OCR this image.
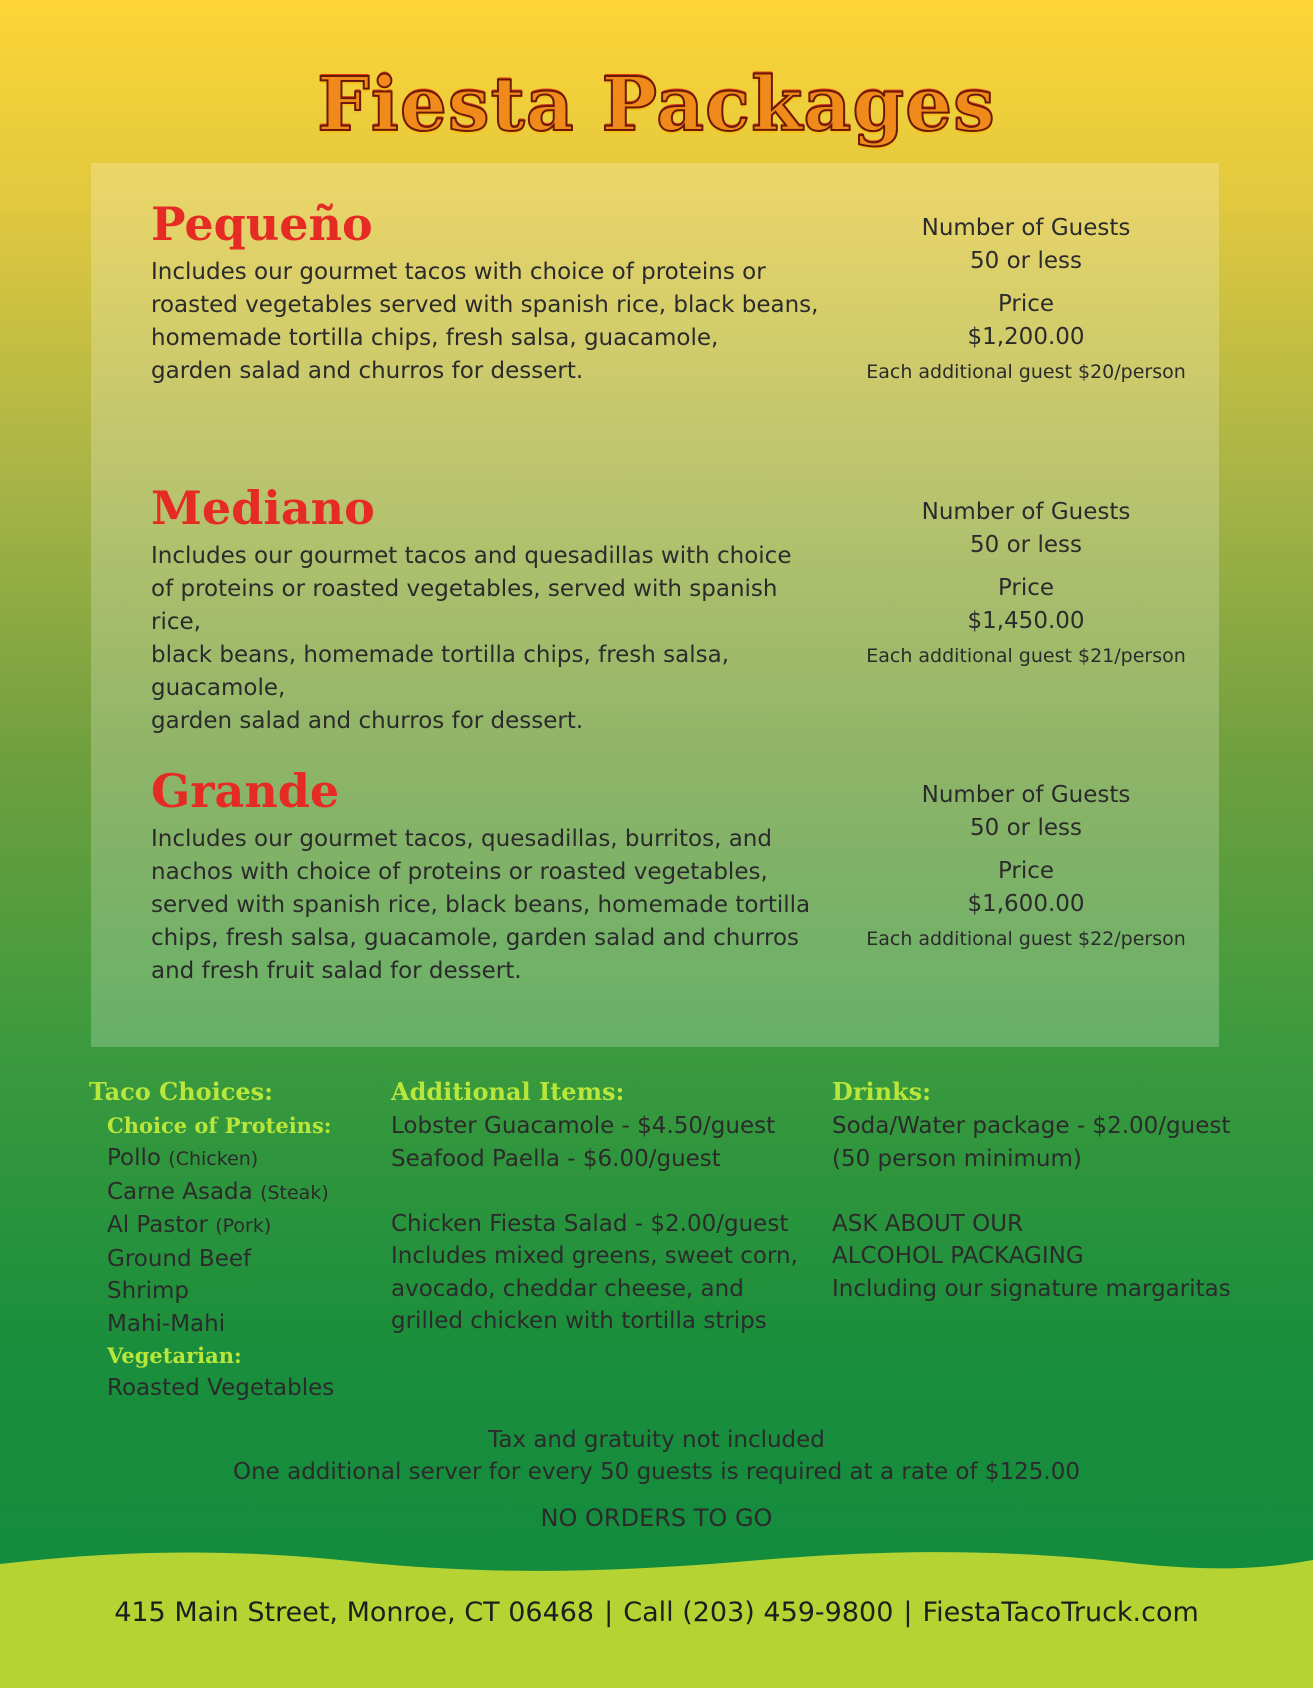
Fiesta Packages
Pequeño
Includes our gourmet tacos with choice of proteins or
roasted vegetables served with spanish rice, black beans,
homemade tortilla chips, fresh salsa, guacamole,
garden salad and churros for dessert.
Number of Guests
50 or less
Price
$1,200.00
Each additional guest $20/person
Mediano
Includes our gourmet tacos and quesadillas with choice
of proteins or roasted vegetables, served with spanish rice,
black beans, homemade tortilla chips, fresh salsa, guacamole,
garden salad and churros for dessert.
Number of Guests
50 or less
Price
$1,450.00
Each additional guest $21/person
Grande
Includes our gourmet tacos, quesadillas, burritos, and
nachos with choice of proteins or roasted vegetables,
served with spanish rice, black beans, homemade tortilla
chips, fresh salsa, guacamole, garden salad and churros
and fresh fruit salad for dessert.
Number of Guests
50 or less
Price
$1,600.00
Each additional guest $22/person
Taco Choices:
Choice of Proteins:
Pollo (Chicken)
Carne Asada (Steak)
Al Pastor (Pork)
Ground Beef
Shrimp
Mahi-Mahi
Vegetarian:
Roasted Vegetables
Additional Items:
Lobster Guacamole - $4.50/guest
Seafood Paella - $6.00/guest
Chicken Fiesta Salad - $2.00/guest
Includes mixed greens, sweet corn,
avocado, cheddar cheese, and
grilled chicken with tortilla strips
Drinks:
Soda/Water package - $2.00/guest
(50 person minimum)
ASK ABOUT OUR
ALCOHOL PACKAGING
Including our signature margaritas
Tax and gratuity not included
One additional server for every 50 guests is required at a rate of $125.00
NO ORDERS TO GO
415 Main Street, Monroe, CT 06468 | Call (203) 459-9800 | FiestaTacoTruck.com
